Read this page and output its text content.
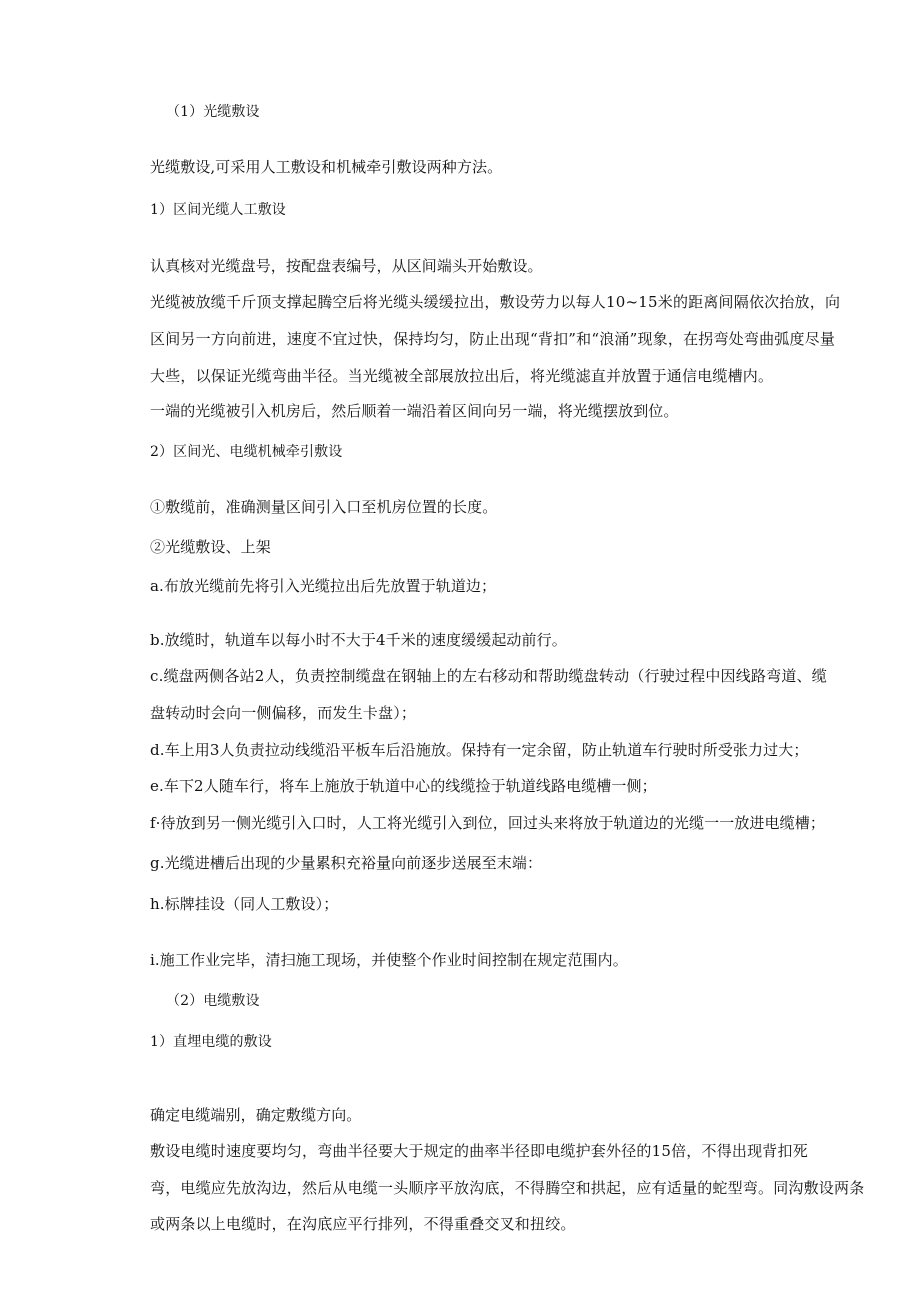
（1）光缆敷设
光缆敷设,可采用人工敷设和机械牵引敷设两种方法。
1）区间光缆人工敷设
认真核对光缆盘号，按配盘表编号，从区间端头开始敷设。
光缆被放缆千斤顶支撑起腾空后将光缆头缓缓拉出，敷设劳力以每人10~15米的距离间隔依次抬放，向
区间另一方向前进，速度不宜过快，保持均匀，防止出现“背扣”和“浪涌”现象，在拐弯处弯曲弧度尽量
大些，以保证光缆弯曲半径。当光缆被全部展放拉出后，将光缆滤直并放置于通信电缆槽内。
一端的光缆被引入机房后，然后顺着一端沿着区间向另一端，将光缆摆放到位。
2）区间光、电缆机械牵引敷设
①敷缆前，准确测量区间引入口至机房位置的长度。
②光缆敷设、上架
a.布放光缆前先将引入光缆拉出后先放置于轨道边；
b.放缆时，轨道车以每小时不大于4千米的速度缓缓起动前行。
c.缆盘两侧各站2人，负责控制缆盘在钢轴上的左右移动和帮助缆盘转动（行驶过程中因线路弯道、缆
盘转动时会向一侧偏移，而发生卡盘）；
d.车上用3人负责拉动线缆沿平板车后沿施放。保持有一定余留，防止轨道车行驶时所受张力过大；
e.车下2人随车行，将车上施放于轨道中心的线缆捡于轨道线路电缆槽一侧；
f·待放到另一侧光缆引入口时，人工将光缆引入到位，回过头来将放于轨道边的光缆一一放进电缆槽；
g.光缆进槽后出现的少量累积充裕量向前逐步送展至末端：
h.标牌挂设（同人工敷设）；
i.施工作业完毕，清扫施工现场，并使整个作业时间控制在规定范围内。
（2）电缆敷设
1）直埋电缆的敷设
确定电缆端别，确定敷缆方向。
敷设电缆时速度要均匀，弯曲半径要大于规定的曲率半径即电缆护套外径的15倍，不得出现背扣死
弯，电缆应先放沟边，然后从电缆一头顺序平放沟底，不得腾空和拱起，应有适量的蛇型弯。同沟敷设两条
或两条以上电缆时，在沟底应平行排列，不得重叠交叉和扭绞。
